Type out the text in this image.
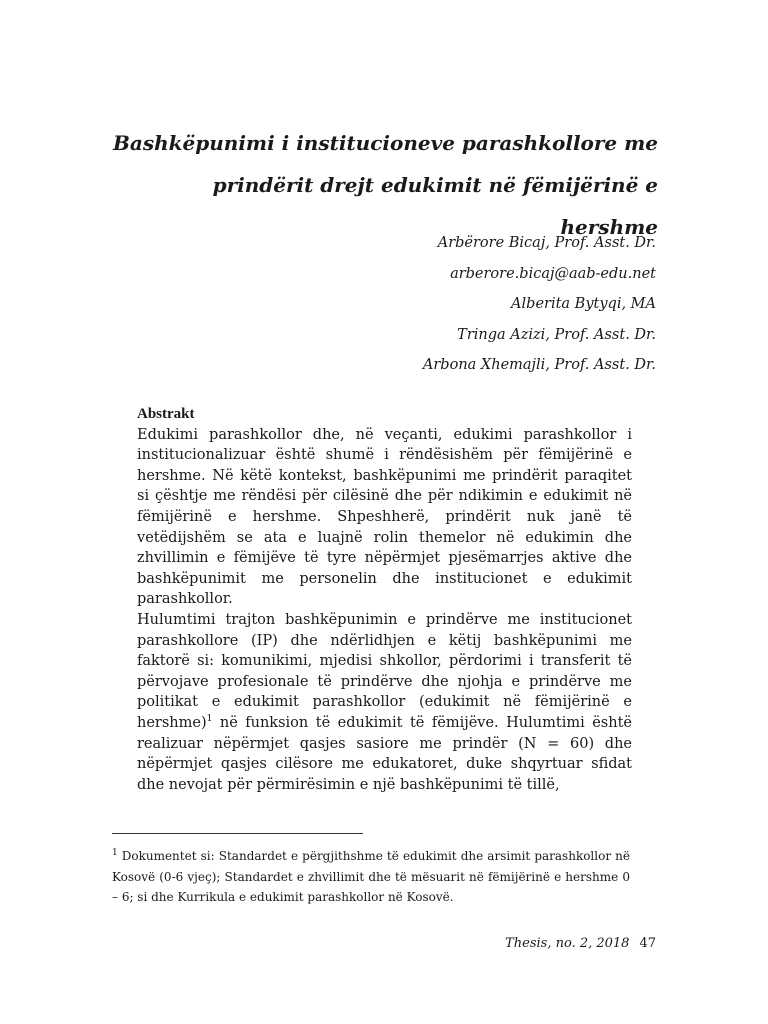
Bashkëpunimi i institucioneve parashkollore me
prindërit drejt edukimit në fëmijërinë e hershme
Arbërore Bicaj, Prof. Asst. Dr.
arberore.bicaj@aab-edu.net
Alberita Bytyqi, MA
Tringa Azizi, Prof. Asst. Dr.
Arbona Xhemajli, Prof. Asst. Dr.
Abstrakt

Edukimi parashkollor dhe, në veçanti, edukimi parashkollor i institucionalizuar është shumë i rëndësishëm për fëmijërinë e hershme. Në këtë kontekst, bashkëpunimi me prindërit paraqitet si çështje me rëndësi për cilësinë dhe për ndikimin e edukimit në fëmijërinë e hershme. Shpeshherë, prindërit nuk janë të vetëdijshëm se ata e luajnë rolin themelor në edukimin dhe zhvillimin e fëmijëve të tyre nëpërmjet pjesëmarrjes aktive dhe bashkëpunimit me personelin dhe institucionet e edukimit parashkollor.

Hulumtimi trajton bashkëpunimin e prindërve me institucionet parashkollore (IP) dhe ndërlidhjen e këtij bashkëpunimi me faktorë si: komunikimi, mjedisi shkollor, përdorimi i transferit të përvojave profesionale të prindërve dhe njohja e prindërve me politikat e edukimit parashkollor (edukimit në fëmijërinë e hershme)$^1$ në funksion të edukimit të fëmijëve. Hulumtimi është realizuar nëpërmjet qasjes sasiore me prindër (N = 60) dhe nëpërmjet qasjes cilësore me edukatoret, duke shqyrtuar sfidat dhe nevojat për përmirësimin e një bashkëpunimi të tillë,

$^1$ Dokumentet si: Standardet e përgjithshme të edukimit dhe arsimit parashkollor në Kosovë (0-6 vjeç); Standardet e zhvillimit dhe të mësuarit në fëmijërinë e hershme 0 – 6; si dhe Kurrikula e edukimit parashkollor në Kosovë.
Thesis, no. 2, 2018 47
